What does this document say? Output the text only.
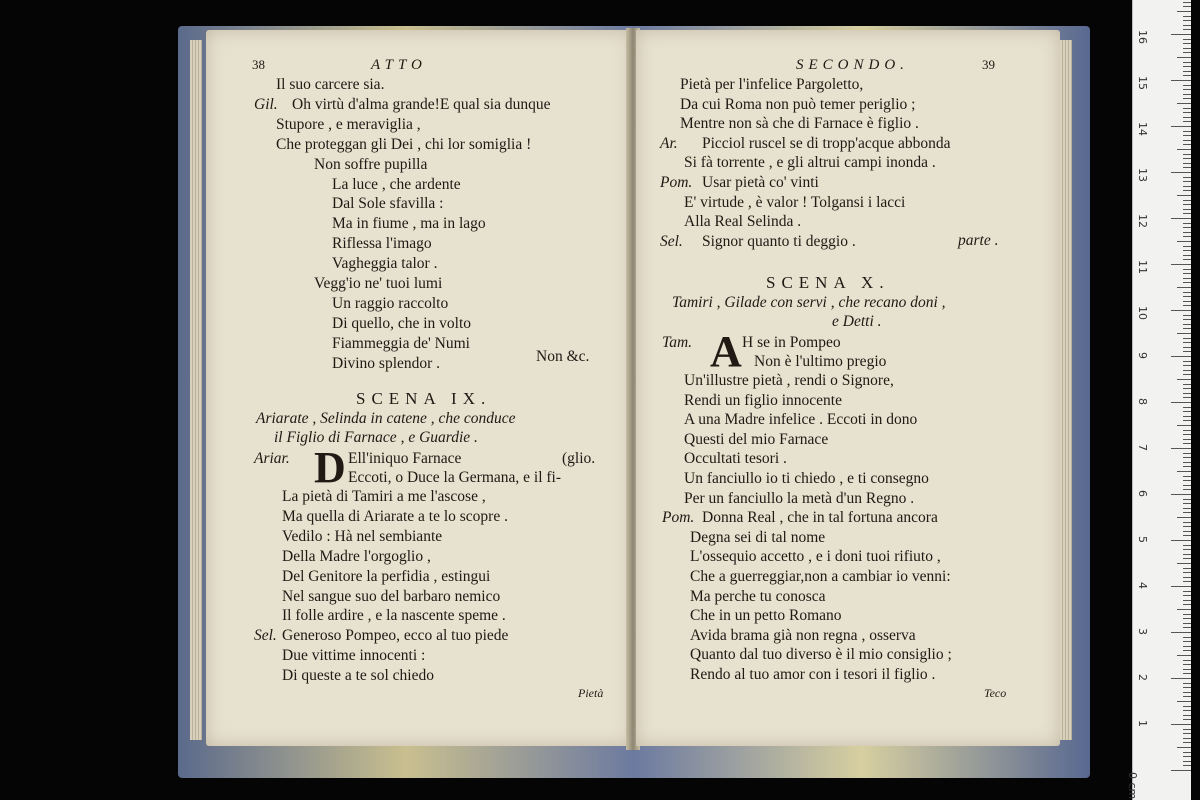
38	ATTO
Il suo carcere sia.
Gil. Oh virtù d'alma grande!E qual sia dunque
Stupore , e meraviglia ,
Che proteggan gli Dei , chi lor somiglia !
Non soffre pupilla
La luce , che ardente
Dal Sole sfavilla :
Ma in fiume , ma in lago
Riflessa l'imago
Vagheggia talor .
Vegg'io ne' tuoi lumi
Un raggio raccolto
Di quello, che in volto
Fiammeggia de' Numi
Divino splendor .	Non &c.
SCENA IX.
Ariarate , Selinda in catene , che conduce
il Figlio di Farnace , e Guardie .
Ariar. D Ell'iniquo Farnace	(glio.
Eccoti, o Duce la Germana, e il fi-
La pietà di Tamiri a me l'ascose ,
Ma quella di Ariarate a te lo scopre .
Vedilo : Hà nel sembiante
Della Madre l'orgoglio ,
Del Genitore la perfidia , estingui
Nel sangue suo del barbaro nemico
Il folle ardire , e la nascente speme .
Sel. Generoso Pompeo, ecco al tuo piede
Due vittime innocenti :
Di queste a te sol chiedo
Pietà
SECONDO.	39
Pietà per l'infelice Pargoletto,
Da cui Roma non può temer periglio ;
Mentre non sà che di Farnace è figlio .
Ar. Picciol ruscel se di tropp'acque abbonda
Si fà torrente , e gli altrui campi inonda .
Pom. Usar pietà co' vinti
E' virtude , è valor ! Tolgansi i lacci
Alla Real Selinda .
Sel. Signor quanto ti deggio .	parte .
SCENA X.
Tamiri , Gilade con servi , che recano doni ,
e Detti .
Tam. A H se in Pompeo
Non è l'ultimo pregio
Un'illustre pietà , rendi o Signore,
Rendi un figlio innocente
A una Madre infelice . Eccoti in dono
Questi del mio Farnace
Occultati tesori .
Un fanciullo io ti chiedo , e ti consegno
Per un fanciullo la metà d'un Regno .
Pom. Donna Real , che in tal fortuna ancora
Degna sei di tal nome
L'ossequio accetto , e i doni tuoi rifiuto ,
Che a guerreggiar,non a cambiar io venni:
Ma perche tu conosca
Che in un petto Romano
Avida brama già non regna , osserva
Quanto dal tuo diverso è il mio consiglio ;
Rendo al tuo amor con i tesori il figlio .
Teco
0 cm
1
2
3
4
5
6
7
8
9
10
11
12
13
14
15
16
